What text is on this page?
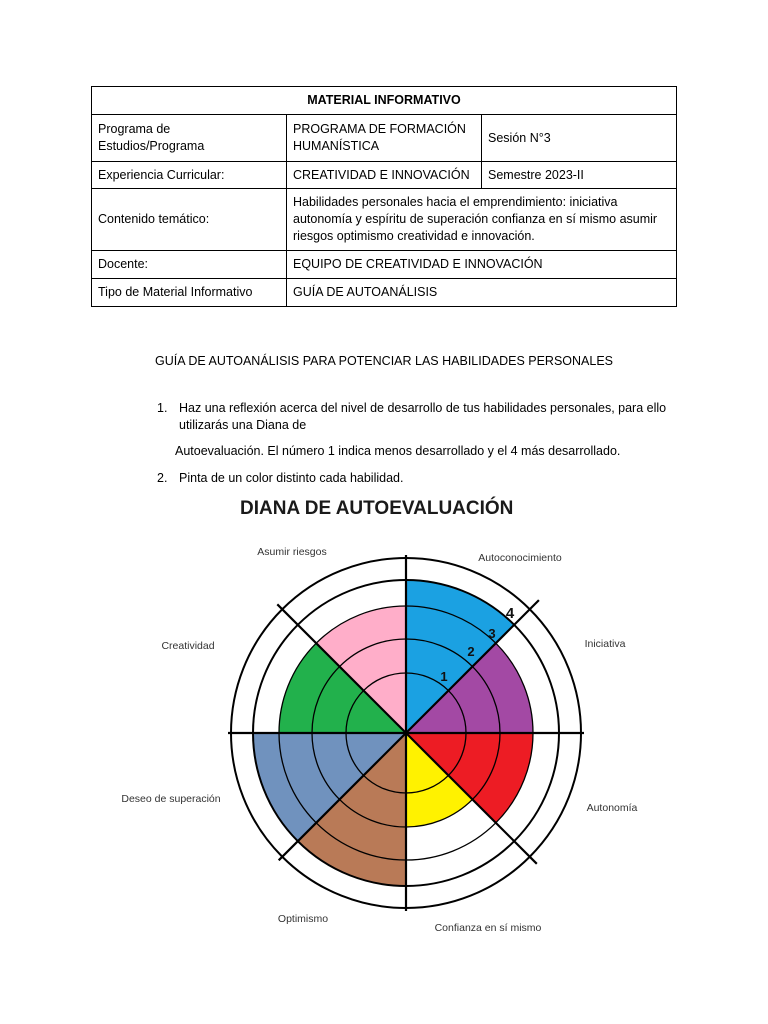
MATERIAL INFORMATIVO		
Programa de Estudios/Programa	PROGRAMA DE FORMACIÓN HUMANÍSTICA	Sesión N°3
Experiencia Curricular:	CREATIVIDAD E INNOVACIÓN	Semestre 2023-II
Contenido temático:	Habilidades personales hacia el emprendimiento: iniciativa autonomía y espíritu de superación confianza en sí mismo asumir riesgos optimismo creatividad e innovación.	
Docente:	EQUIPO DE CREATIVIDAD E INNOVACIÓN	
Tipo de Material Informativo	GUÍA DE AUTOANÁLISIS	
GUÍA DE AUTOANÁLISIS PARA POTENCIAR LAS HABILIDADES PERSONALES
1. Haz una reflexión acerca del nivel de desarrollo de tus habilidades personales, para ello utilizarás una Diana de
Autoevaluación. El número 1 indica menos desarrollado y el 4 más desarrollado.
2. Pinta de un color distinto cada habilidad.
DIANA DE AUTOEVALUACIÓN
Asumir riesgos	Autoconocimiento
Creatividad	Iniciativa
Deseo de superación
Autonomía
Optimismo
Confianza en sí mismo
1
2
3
4
